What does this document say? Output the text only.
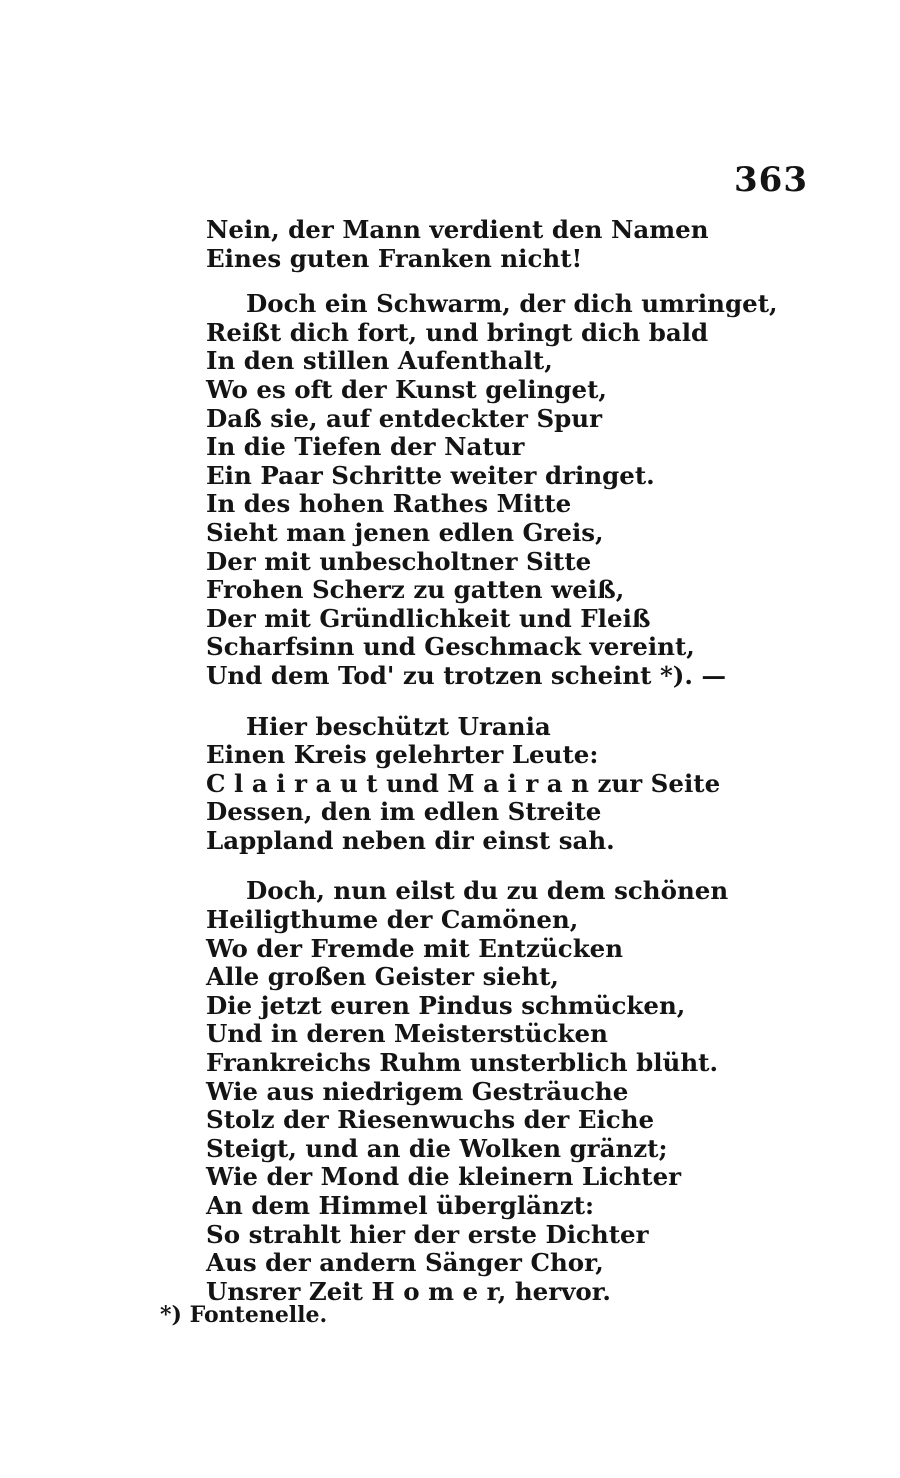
363
Nein, der Mann verdient den Namen
Eines guten Franken nicht!
Doch ein Schwarm, der dich umringet,
Reißt dich fort, und bringt dich bald
In den stillen Aufenthalt,
Wo es oft der Kunst gelinget,
Daß sie, auf entdeckter Spur
In die Tiefen der Natur
Ein Paar Schritte weiter dringet.
In des hohen Rathes Mitte
Sieht man jenen edlen Greis,
Der mit unbescholtner Sitte
Frohen Scherz zu gatten weiß,
Der mit Gründlichkeit und Fleiß
Scharfsinn und Geschmack vereint,
Und dem Tod' zu trotzen scheint *). —
Hier beschützt Urania
Einen Kreis gelehrter Leute:
C l a i r a u t und M a i r a n zur Seite
Dessen, den im edlen Streite
Lappland neben dir einst sah.
Doch, nun eilst du zu dem schönen
Heiligthume der Camönen,
Wo der Fremde mit Entzücken
Alle großen Geister sieht,
Die jetzt euren Pindus schmücken,
Und in deren Meisterstücken
Frankreichs Ruhm unsterblich blüht.
Wie aus niedrigem Gesträuche
Stolz der Riesenwuchs der Eiche
Steigt, und an die Wolken gränzt;
Wie der Mond die kleinern Lichter
An dem Himmel überglänzt:
So strahlt hier der erste Dichter
Aus der andern Sänger Chor,
Unsrer Zeit H o m e r, hervor.
*) Fontenelle.
